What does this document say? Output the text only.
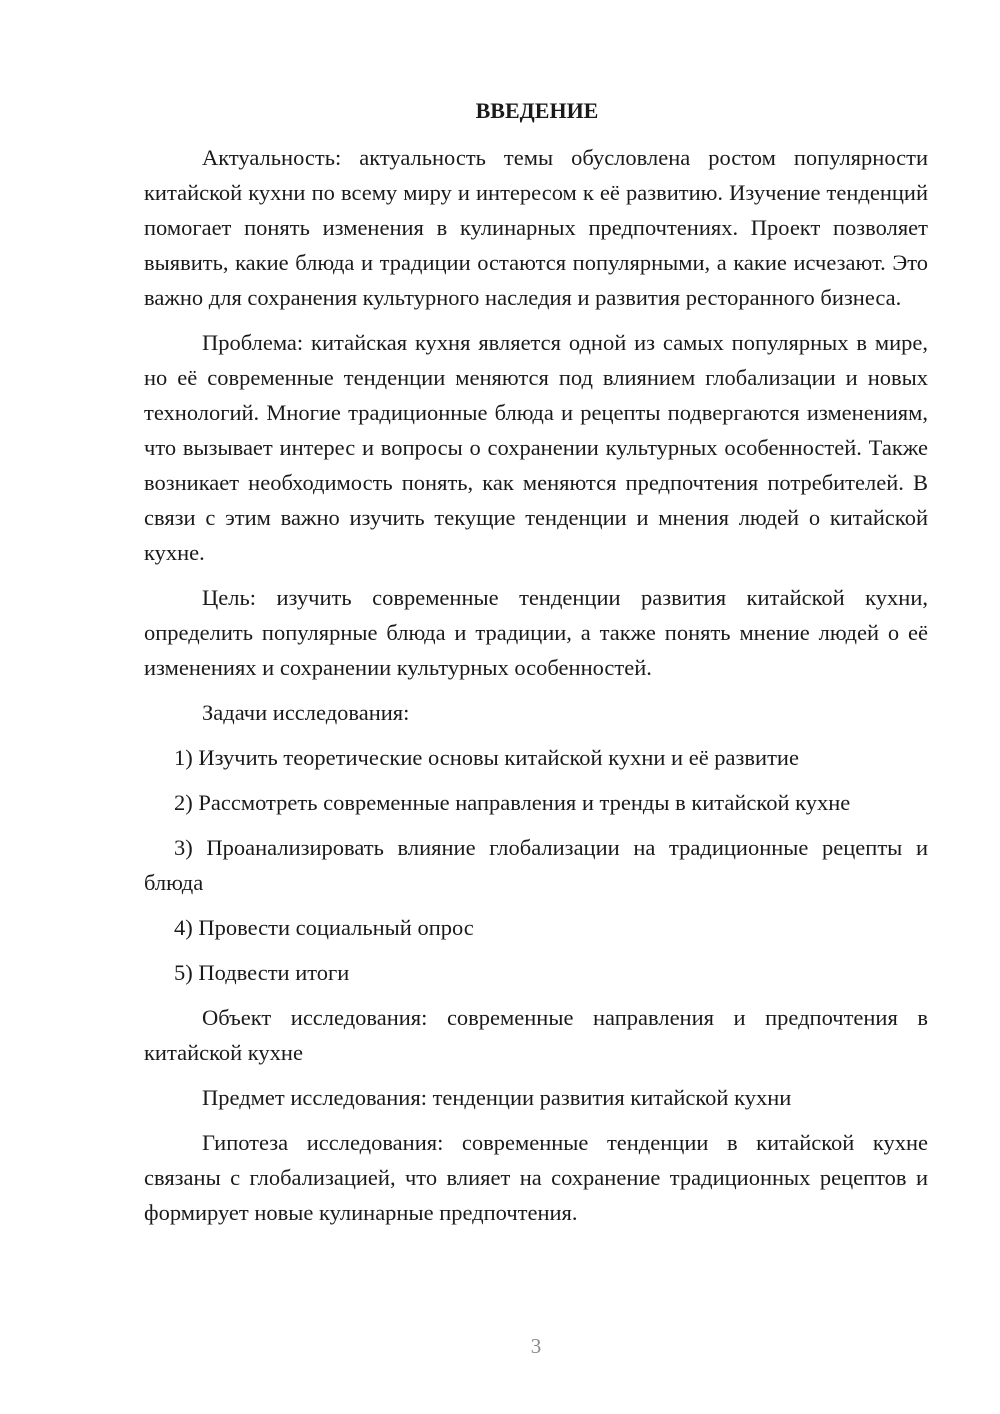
ВВЕДЕНИЕ

Актуальность: актуальность темы обусловлена ростом популярности китайской кухни по всему миру и интересом к её развитию. Изучение тенденций помогает понять изменения в кулинарных предпочтениях. Проект позволяет выявить, какие блюда и традиции остаются популярными, а какие исчезают. Это важно для сохранения культурного наследия и развития ресторанного бизнеса.

Проблема: китайская кухня является одной из самых популярных в мире, но её современные тенденции меняются под влиянием глобализации и новых технологий. Многие традиционные блюда и рецепты подвергаются изменениям, что вызывает интерес и вопросы о сохранении культурных особенностей. Также возникает необходимость понять, как меняются предпочтения потребителей. В связи с этим важно изучить текущие тенденции и мнения людей о китайской кухне.

Цель: изучить современные тенденции развития китайской кухни, определить популярные блюда и традиции, а также понять мнение людей о её изменениях и сохранении культурных особенностей.

Задачи исследования:

1) Изучить теоретические основы китайской кухни и её развитие

2) Рассмотреть современные направления и тренды в китайской кухне

3) Проанализировать влияние глобализации на традиционные рецепты и блюда

4) Провести социальный опрос

5) Подвести итоги

Объект исследования: современные направления и предпочтения в китайской кухне

Предмет исследования: тенденции развития китайской кухни

Гипотеза исследования: современные тенденции в китайской кухне связаны с глобализацией, что влияет на сохранение традиционных рецептов и формирует новые кулинарные предпочтения.

3
